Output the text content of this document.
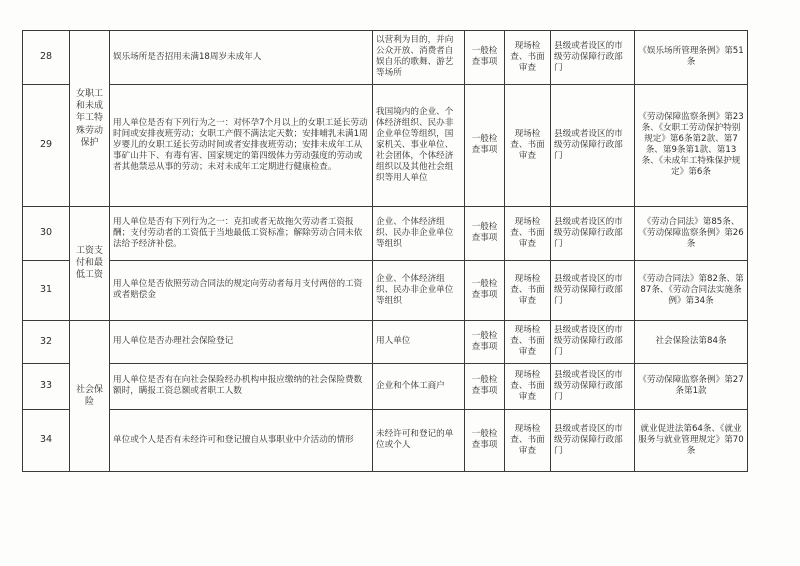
28	女职工和未成年工特殊劳动保护	娱乐场所是否招用未满18周岁未成年人	以营利为目的，并向公众开放、消费者自娱自乐的歌舞、游艺等场所	一般检查事项	现场检查、书面审查	县级或者设区的市级劳动保障行政部门	《娱乐场所管理条例》第51条
29		用人单位是否有下列行为之一：对怀孕7个月以上的女职工延长劳动时间或安排夜班劳动；女职工产假不满法定天数；安排哺乳未满1周岁婴儿的女职工延长劳动时间或者安排夜班劳动；安排未成年工从事矿山井下、有毒有害、国家规定的第四级体力劳动强度的劳动或者其他禁忌从事的劳动；未对未成年工定期进行健康检查。	我国境内的企业、个体经济组织、民办非企业单位等组织，国家机关、事业单位、社会团体，个体经济组织以及其他社会组织等用人单位	一般检查事项	现场检查、书面审查	县级或者设区的市级劳动保障行政部门	《劳动保障监察条例》第23条、《女职工劳动保护特别规定》第6条第2款、第7条、第9条第1款、第13条、《未成年工特殊保护规定》第6条
30	工资支付和最低工资	用人单位是否有下列行为之一：克扣或者无故拖欠劳动者工资报酬；支付劳动者的工资低于当地最低工资标准；解除劳动合同未依法给予经济补偿。	企业、个体经济组织、民办非企业单位等组织	一般检查事项	现场检查、书面审查	县级或者设区的市级劳动保障行政部门	《劳动合同法》第85条、《劳动保障监察条例》第26条
31		用人单位是否依照劳动合同法的规定向劳动者每月支付两倍的工资或者赔偿金	企业、个体经济组织、民办非企业单位等组织	一般检查事项	现场检查、书面审查	县级或者设区的市级劳动保障行政部门	《劳动合同法》第82条、第87条、《劳动合同法实施条例》第34条
32	社会保险	用人单位是否办理社会保险登记	用人单位	一般检查事项	现场检查、书面审查	县级或者设区的市级劳动保障行政部门	社会保险法第84条
33		用人单位是否有在向社会保险经办机构申报应缴纳的社会保险费数额时，瞒报工资总额或者职工人数	企业和个体工商户	一般检查事项	现场检查、书面审查	县级或者设区的市级劳动保障行政部门	《劳动保障监察条例》第27条第1款
34		单位或个人是否有未经许可和登记擅自从事职业中介活动的情形	未经许可和登记的单位或个人	一般检查事项	现场检查、书面审查	县级或者设区的市级劳动保障行政部门	就业促进法第64条、《就业服务与就业管理规定》第70条
